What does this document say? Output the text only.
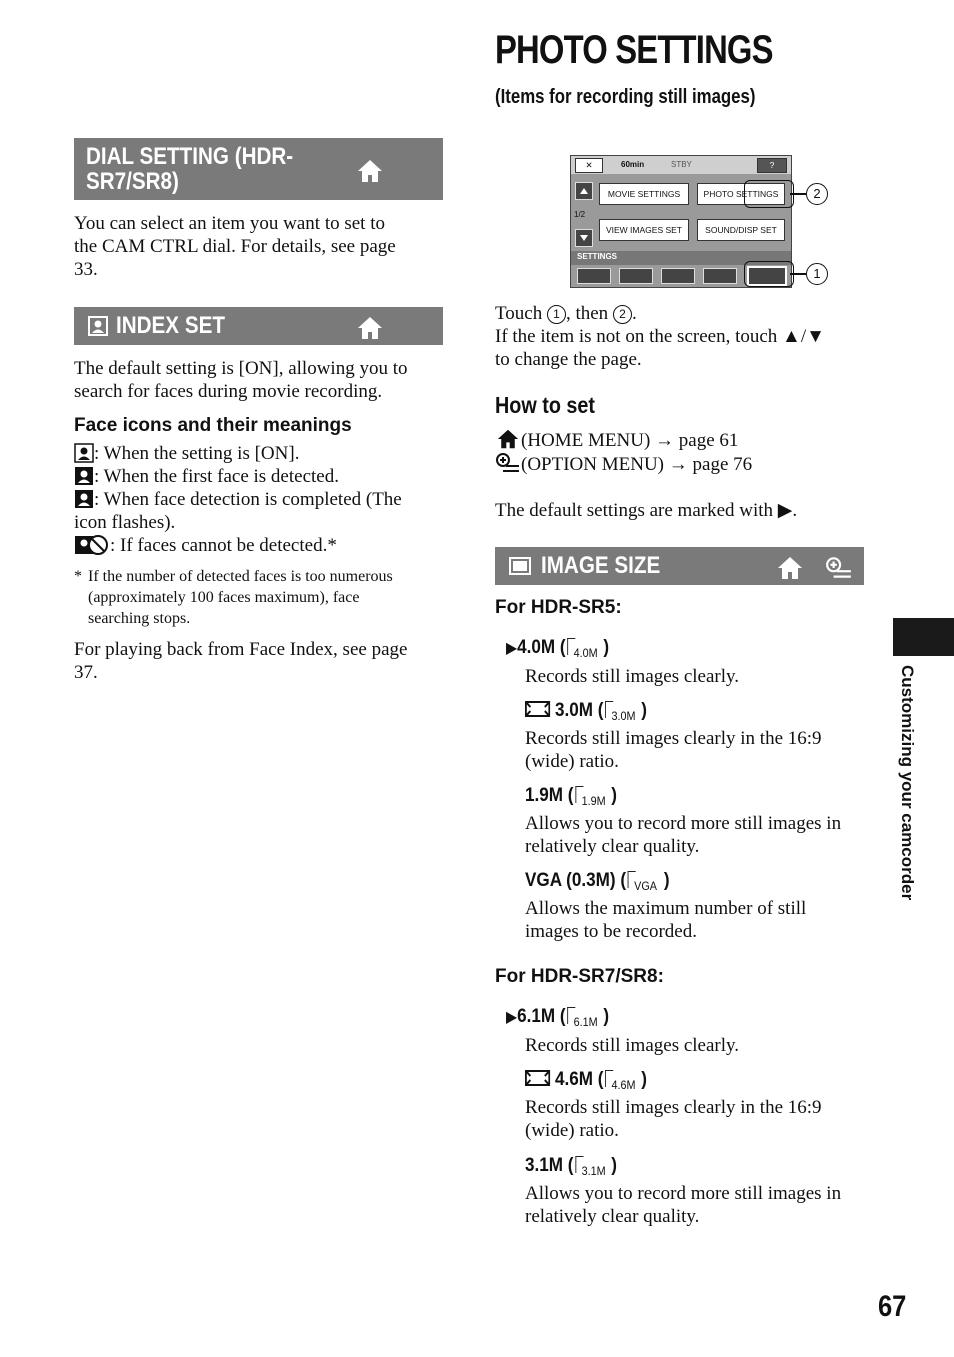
PHOTO SETTINGS
(Items for recording still images)
DIAL SETTING (HDR-
SR7/SR8)
You can select an item you want to set to
the CAM CTRL dial. For details, see page
33.
INDEX SET
The default setting is [ON], allowing you to
search for faces during movie recording.
Face icons and their meanings
: When the setting is [ON].
: When the first face is detected.
: When face detection is completed (The
icon flashes).
: If faces cannot be detected.*
* If the number of detected faces is too numerous
(approximately 100 faces maximum), face
searching stops.
For playing back from Face Index, see page
37.
✕	60min	STBY	?
1/2
MOVIE SETTINGS	PHOTO SETTINGS
VIEW IMAGES SET	SOUND/DISP SET
SETTINGS
2
1
Touch 1 , then 2 .
If the item is not on the screen, touch ▲/▼
to change the page.
How to set
(HOME MENU) → page 61
(OPTION MENU) → page 76
The default settings are marked with ▶.
IMAGE SIZE
For HDR-SR5:
▶4.0M ( 4.0M )
Records still images clearly.
3.0M ( 3.0M )
Records still images clearly in the 16:9
(wide) ratio.
1.9M ( 1.9M )
Allows you to record more still images in
relatively clear quality.
VGA (0.3M) ( VGA )
Allows the maximum number of still
images to be recorded.
For HDR-SR7/SR8:
▶6.1M ( 6.1M )
Records still images clearly.
4.6M ( 4.6M )
Records still images clearly in the 16:9
(wide) ratio.
3.1M ( 3.1M )
Allows you to record more still images in
relatively clear quality.
Customizing your camcorder
67
